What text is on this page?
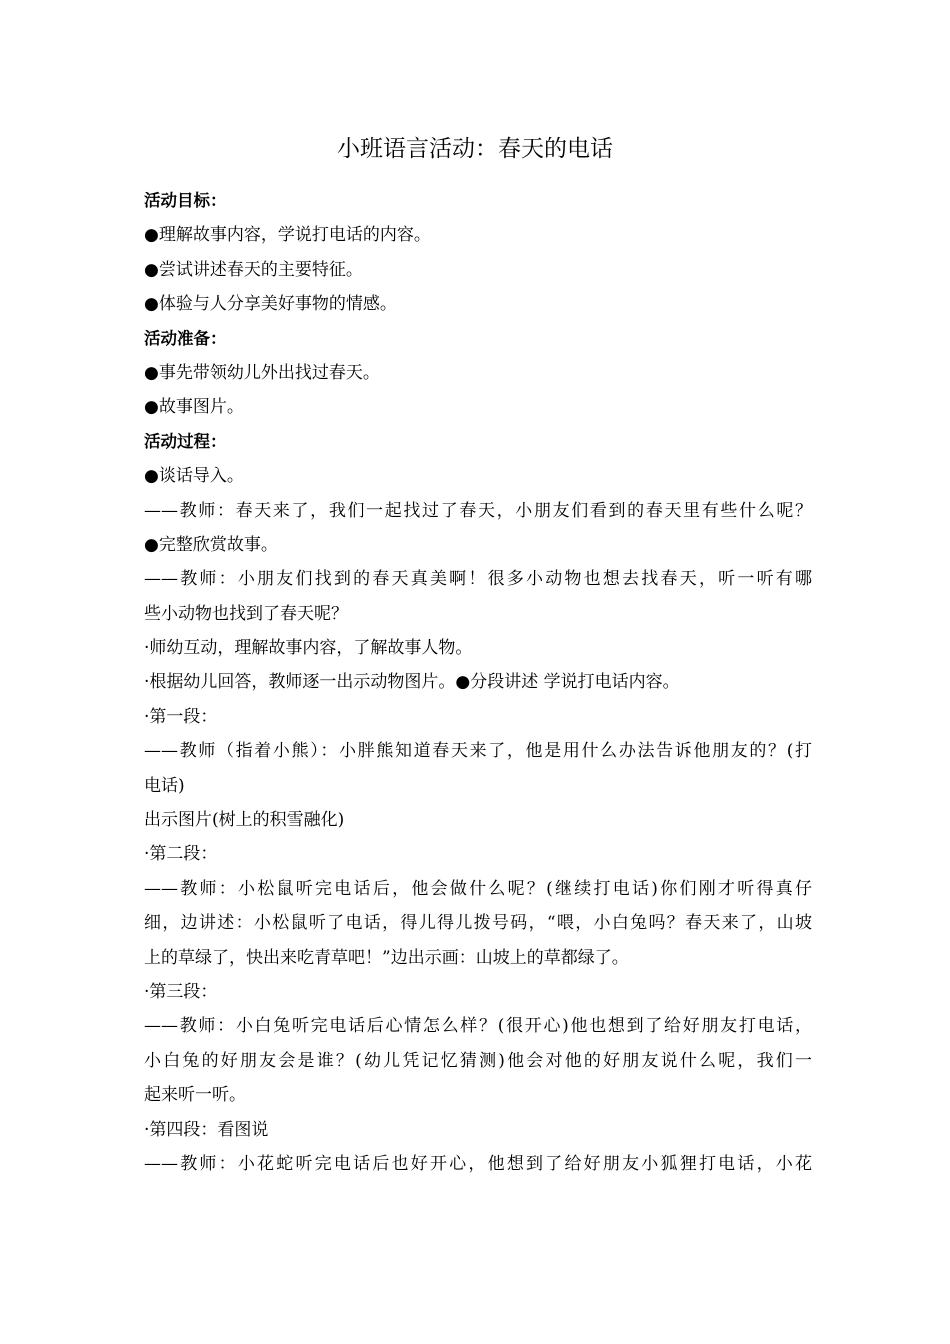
小班语言活动：春天的电话
活动目标：
●理解故事内容，学说打电话的内容。
●尝试讲述春天的主要特征。
●体验与人分享美好事物的情感。
活动准备：
●事先带领幼儿外出找过春天。
●故事图片。
活动过程：
●谈话导入。
——教师：春天来了，我们一起找过了春天，小朋友们看到的春天里有些什么呢？
●完整欣赏故事。
——教师：小朋友们找到的春天真美啊！很多小动物也想去找春天，听一听有哪
些小动物也找到了春天呢？
·师幼互动，理解故事内容，了解故事人物。
·根据幼儿回答，教师逐一出示动物图片。●分段讲述 学说打电话内容。
·第一段：
——教师（指着小熊）：小胖熊知道春天来了，他是用什么办法告诉他朋友的？(打
电话)
出示图片(树上的积雪融化)
·第二段：
——教师：小松鼠听完电话后，他会做什么呢？(继续打电话)你们刚才听得真仔
细，边讲述：小松鼠听了电话，得儿得儿拨号码，“喂，小白兔吗？春天来了，山坡
上的草绿了，快出来吃青草吧！”边出示画：山坡上的草都绿了。
·第三段：
——教师：小白兔听完电话后心情怎么样？(很开心)他也想到了给好朋友打电话，
小白兔的好朋友会是谁？(幼儿凭记忆猜测)他会对他的好朋友说什么呢，我们一
起来听一听。
·第四段：看图说
——教师：小花蛇听完电话后也好开心，他想到了给好朋友小狐狸打电话，小花
